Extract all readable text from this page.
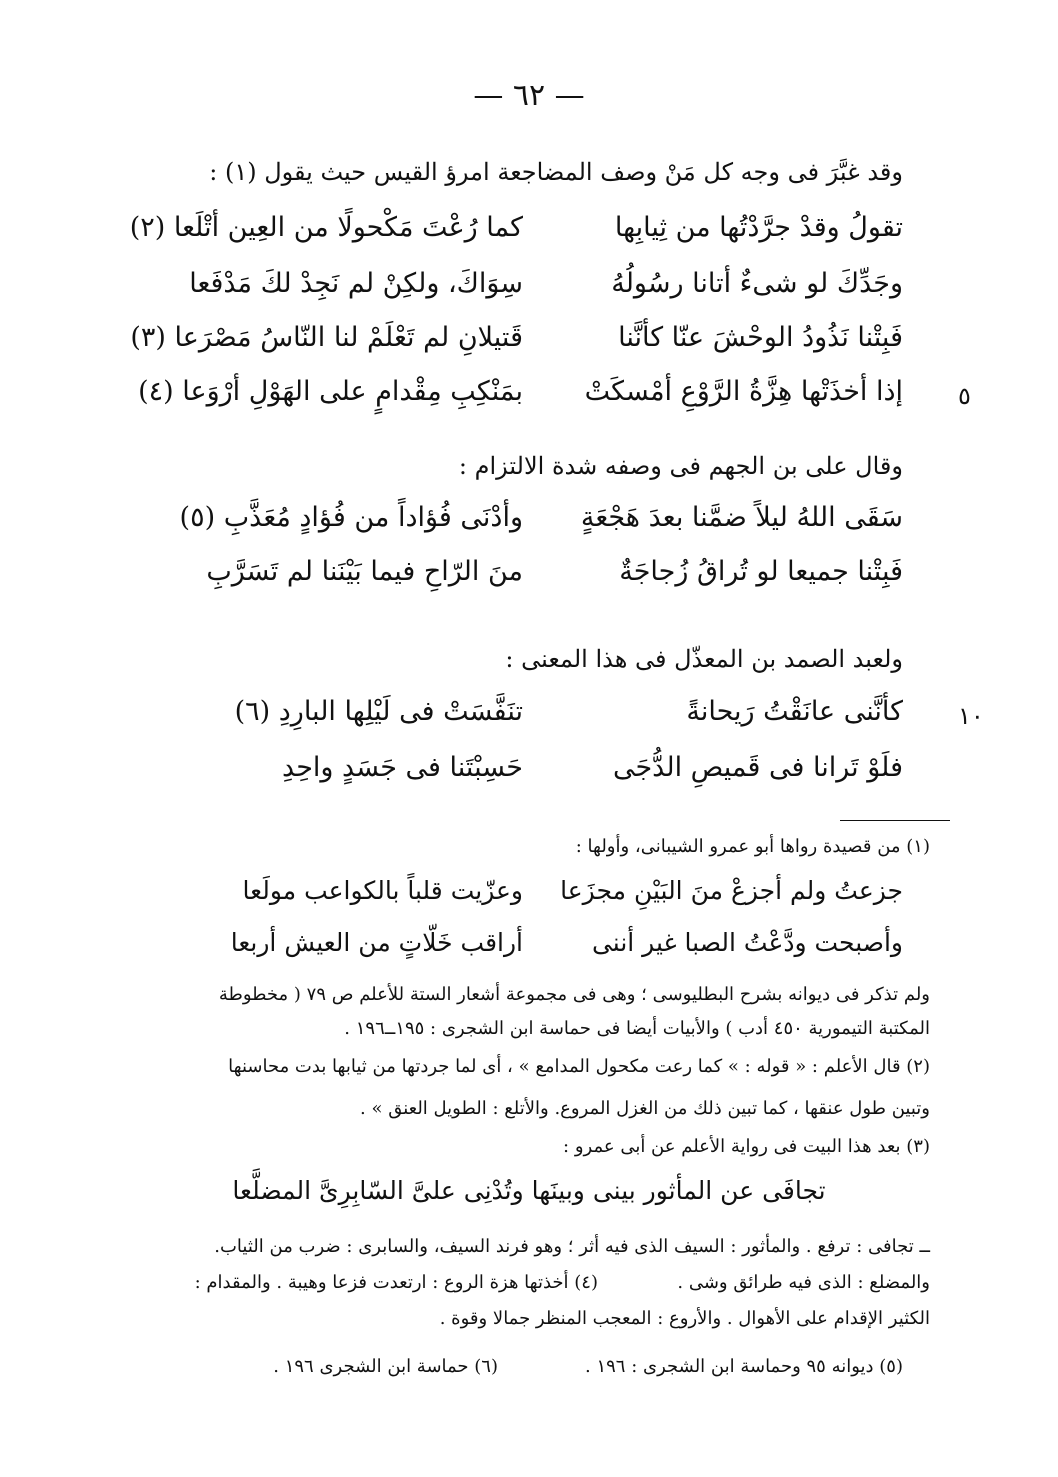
— ٦٢ —
وقد غبَّرَ فى وجه كل مَنْ وصف المضاجعة امرؤ القيس حيث يقول (١) :
تقولُ وقدْ جرَّدْتُها من ثِيابِها
كما رُعْتَ مَكْحولًا من العِين أتْلَعا (٢)
وجَدِّكَ لو شىءٌ أتانا رسُولُهُ
سِوَاكَ، ولكِنْ لم نَجِدْ لكَ مَدْفَعا
فَبِتْنا نَذُودُ الوحْشَ عنّا كأنَّنا
قَتيلانِ لم تَعْلَمْ لنا النّاسُ مَصْرَعا (٣)
إذا أخذَتْها هِزَّةُ الرَّوْعِ أمْسكَتْ
بمَنْكِبِ مِقْدامٍ على الهَوْلِ أرْوَعا (٤)	٥
وقال على بن الجهم فى وصفه شدة الالتزام :
سَقَى اللهُ ليلاً ضمَّنا بعدَ هَجْعَةٍ
وأدْنَى فُؤاداً من فُؤادٍ مُعَذَّبِ (٥)
فَبِتْنا جميعا لو تُراقُ زُجاجَةٌ
منَ الرّاحِ فيما بَيْنَنا لم تَسَرَّبِ
ولعبد الصمد بن المعذّل فى هذا المعنى :
كأنَّنى عانَقْتُ رَيحانةً
تنَفَّسَتْ فى لَيْلِها البارِدِ (٦)	١٠
فلَوْ تَرانا فى قَميصِ الدُّجَى
حَسِبْتَنا فى جَسَدٍ واحِدِ
(١) من قصيدة رواها أبو عمرو الشيبانى، وأولها :
جزعتُ ولم أجزعْ منَ البَيْنِ مجزَعا
وعزّيت قلباً بالكواعب مولَعا
وأصبحت ودَّعْتُ الصبا غير أننى
أراقب خَلّاتٍ من العيش أربعا
ولم تذكر فى ديوانه بشرح البطليوسى ؛ وهى فى مجموعة أشعار الستة للأعلم ص ٧٩ ( مخطوطة
المكتبة التيمورية ٤٥٠ أدب ) والأبيات أيضا فى حماسة ابن الشجرى : ١٩٥ــ١٩٦ .
(٢) قال الأعلم : « قوله : » كما رعت مكحول المدامع » ، أى لما جردتها من ثيابها بدت محاسنها
وتبين طول عنقها ، كما تبين ذلك من الغزل المروع. والأتلع : الطويل العنق » .
(٣) بعد هذا البيت فى رواية الأعلم عن أبى عمرو :
تجافَى عن المأثور بينى وبينَها وتُدْنِى علىَّ السّابِرِىَّ المضلَّعا
ــ تجافى : ترفع . والمأثور : السيف الذى فيه أثر ؛ وهو فرند السيف، والسابرى : ضرب من الثياب.
والمضلع : الذى فيه طرائق وشى .
(٤) أخذتها هزة الروع : ارتعدت فزعا وهيبة . والمقدام :
الكثير الإقدام على الأهوال . والأروع : المعجب المنظر جمالا وقوة .
(٥) ديوانه ٩٥ وحماسة ابن الشجرى : ١٩٦ .
(٦) حماسة ابن الشجرى ١٩٦ .
